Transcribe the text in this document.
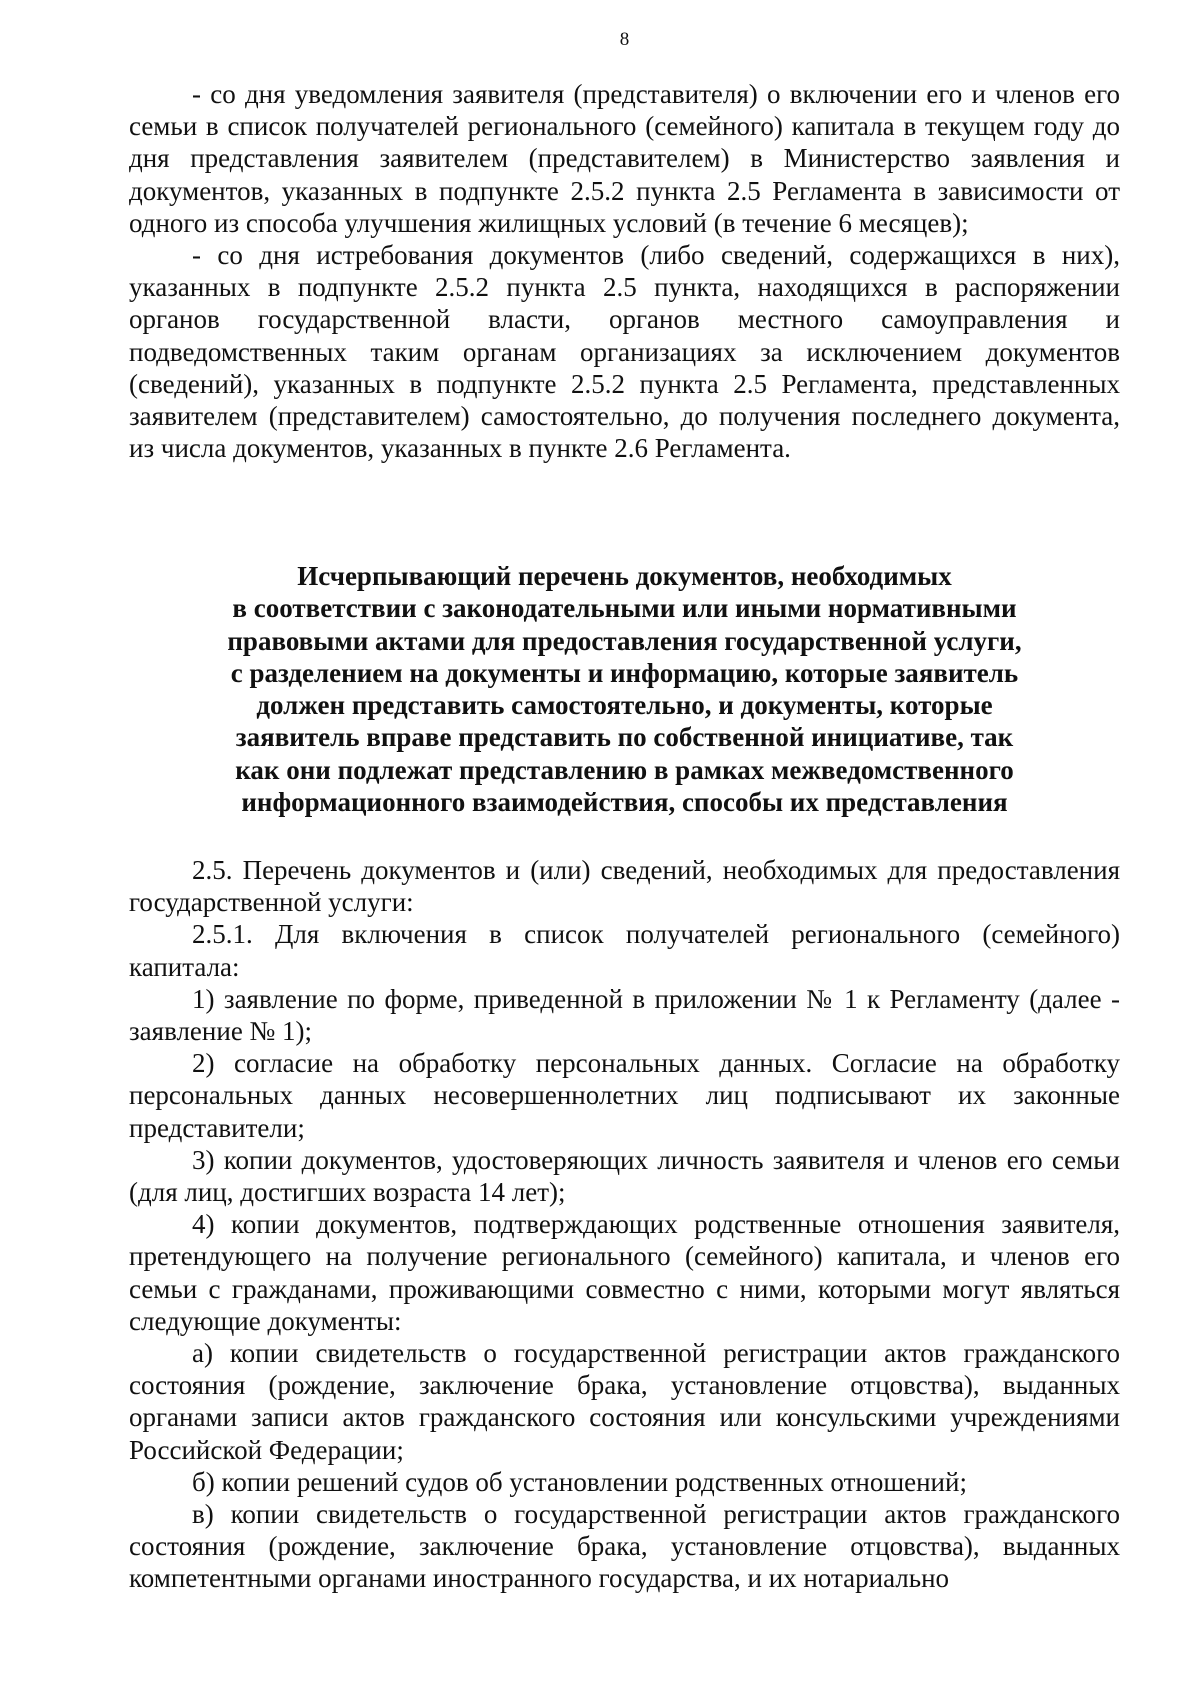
8

- со дня уведомления заявителя (представителя) о включении его и членов его семьи в список получателей регионального (семейного) капитала в текущем году до дня представления заявителем (представителем) в Министерство заявления и документов, указанных в подпункте 2.5.2 пункта 2.5 Регламента в зависимости от одного из способа улучшения жилищных условий (в течение 6 месяцев);

- со дня истребования документов (либо сведений, содержащихся в них), указанных в подпункте 2.5.2 пункта 2.5 пункта, находящихся в распоряжении органов государственной власти, органов местного самоуправления и подведомственных таким органам организациях за исключением документов (сведений), указанных в подпункте 2.5.2 пункта 2.5 Регламента, представленных заявителем (представителем) самостоятельно, до получения последнего документа, из числа документов, указанных в пункте 2.6 Регламента.

Исчерпывающий перечень документов, необходимых
в соответствии с законодательными или иными нормативными
правовыми актами для предоставления государственной услуги,
с разделением на документы и информацию, которые заявитель
должен представить самостоятельно, и документы, которые
заявитель вправе представить по собственной инициативе, так
как они подлежат представлению в рамках межведомственного
информационного взаимодействия, способы их представления

2.5. Перечень документов и (или) сведений, необходимых для предоставления государственной услуги:

2.5.1. Для включения в список получателей регионального (семейного) капитала:

1) заявление по форме, приведенной в приложении № 1 к Регламенту (далее - заявление № 1);

2) согласие на обработку персональных данных. Согласие на обработку персональных данных несовершеннолетних лиц подписывают их законные представители;

3) копии документов, удостоверяющих личность заявителя и членов его семьи (для лиц, достигших возраста 14 лет);

4) копии документов, подтверждающих родственные отношения заявителя, претендующего на получение регионального (семейного) капитала, и членов его семьи с гражданами, проживающими совместно с ними, которыми могут являться следующие документы:

а) копии свидетельств о государственной регистрации актов гражданского состояния (рождение, заключение брака, установление отцовства), выданных органами записи актов гражданского состояния или консульскими учреждениями Российской Федерации;

б) копии решений судов об установлении родственных отношений;

в) копии свидетельств о государственной регистрации актов гражданского состояния (рождение, заключение брака, установление отцовства), выданных компетентными органами иностранного государства, и их нотариально
